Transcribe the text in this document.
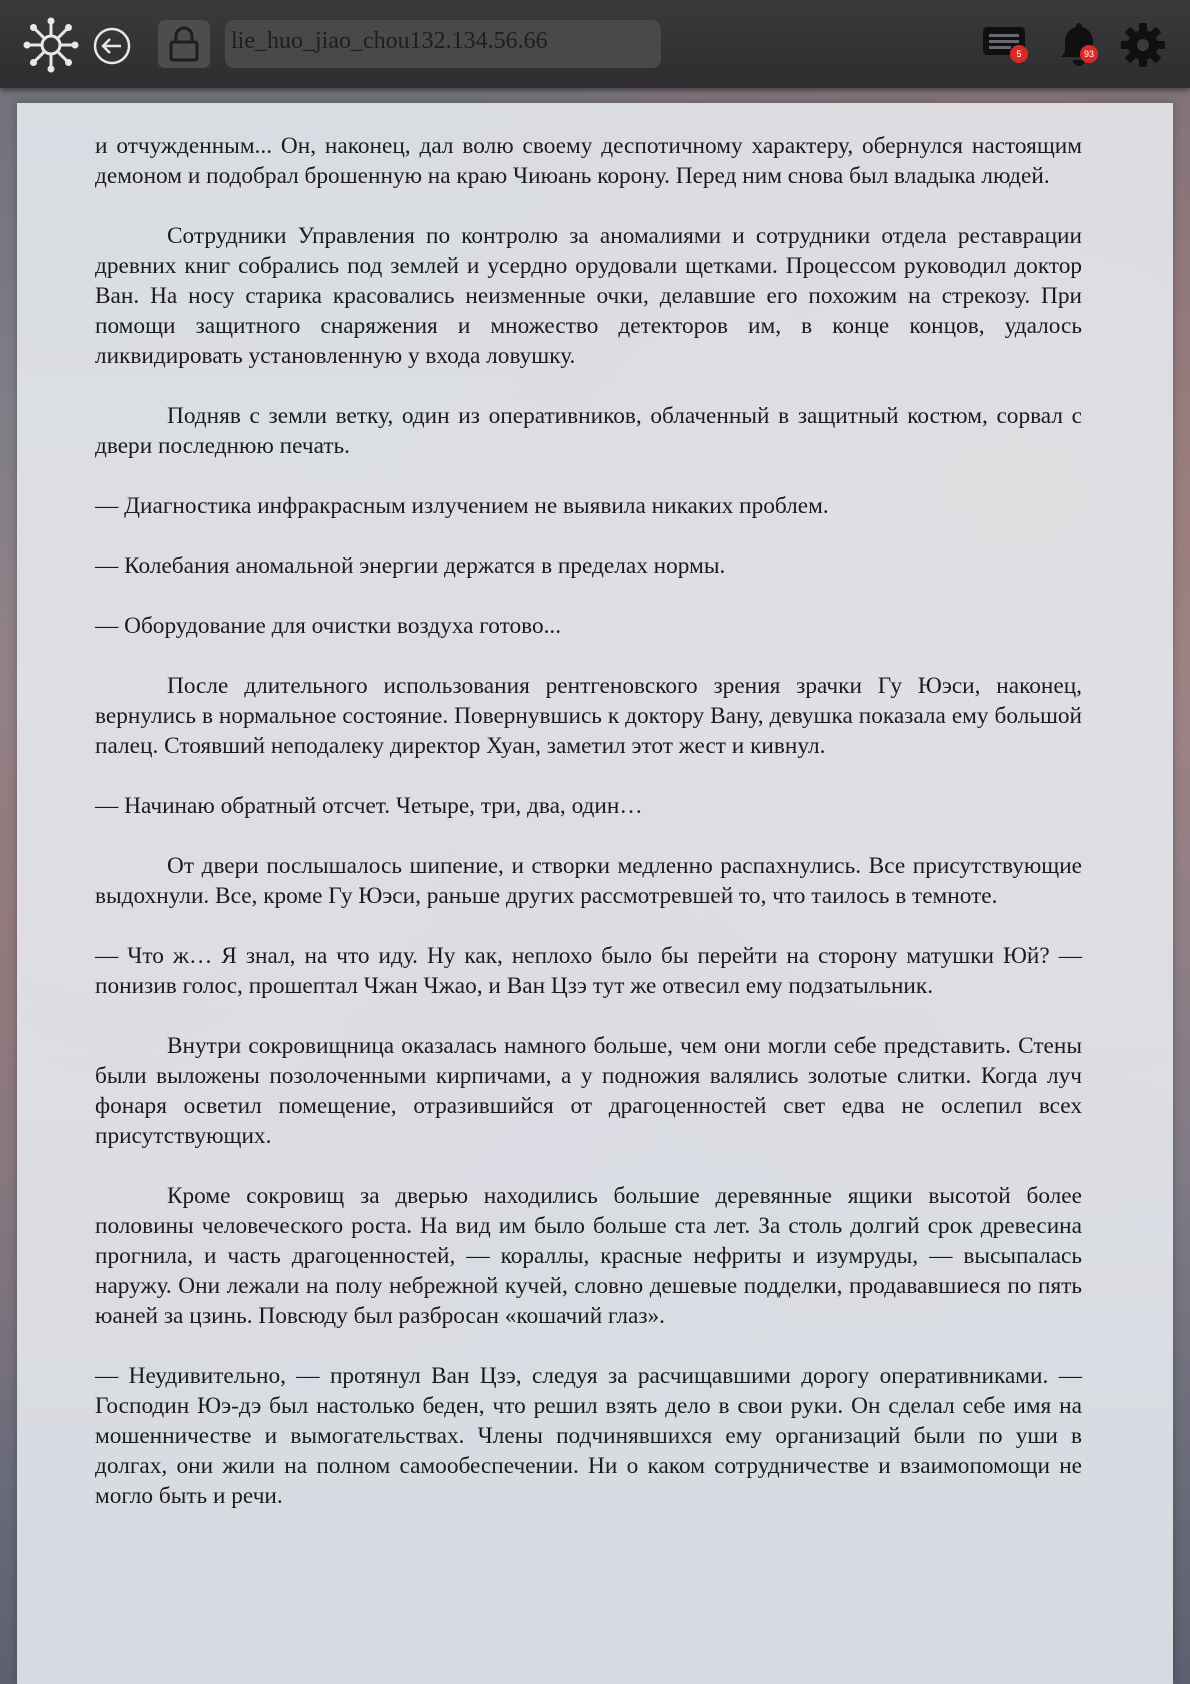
lie_huo_jiao_chou132.134.56.66	5	93

и отчужденным... Он, наконец, дал волю своему деспотичному характеру, обернулся настоящим демоном и подобрал брошенную на краю Чиюань корону. Перед ним снова был владыка людей.

Сотрудники Управления по контролю за аномалиями и сотрудники отдела реставрации древних книг собрались под землей и усердно орудовали щетками. Процессом руководил доктор Ван. На носу старика красовались неизменные очки, делавшие его похожим на стрекозу. При помощи защитного снаряжения и множество детекторов им, в конце концов, удалось ликвидировать установленную у входа ловушку.

Подняв с земли ветку, один из оперативников, облаченный в защитный костюм, сорвал с двери последнюю печать.

— Диагностика инфракрасным излучением не выявила никаких проблем.

— Колебания аномальной энергии держатся в пределах нормы.

— Оборудование для очистки воздуха готово...

После длительного использования рентгеновского зрения зрачки Гу Юэси, наконец, вернулись в нормальное состояние. Повернувшись к доктору Вану, девушка показала ему большой палец. Стоявший неподалеку директор Хуан, заметил этот жест и кивнул.

— Начинаю обратный отсчет. Четыре, три, два, один…

От двери послышалось шипение, и створки медленно распахнулись. Все присутствующие выдохнули. Все, кроме Гу Юэси, раньше других рассмотревшей то, что таилось в темноте.

— Что ж… Я знал, на что иду. Ну как, неплохо было бы перейти на сторону матушки Юй? — понизив голос, прошептал Чжан Чжао, и Ван Цзэ тут же отвесил ему подзатыльник.

Внутри сокровищница оказалась намного больше, чем они могли себе представить. Стены были выложены позолоченными кирпичами, а у подножия валялись золотые слитки. Когда луч фонаря осветил помещение, отразившийся от драгоценностей свет едва не ослепил всех присутствующих.

Кроме сокровищ за дверью находились большие деревянные ящики высотой более половины человеческого роста. На вид им было больше ста лет. За столь долгий срок древесина прогнила, и часть драгоценностей, — кораллы, красные нефриты и изумруды, — высыпалась наружу. Они лежали на полу небрежной кучей, словно дешевые подделки, продававшиеся по пять юаней за цзинь. Повсюду был разбросан «кошачий глаз».

— Неудивительно, — протянул Ван Цзэ, следуя за расчищавшими дорогу оперативниками. — Господин Юэ-дэ был настолько беден, что решил взять дело в свои руки. Он сделал себе имя на мошенничестве и вымогательствах. Члены подчинявшихся ему организаций были по уши в долгах, они жили на полном самообеспечении. Ни о каком сотрудничестве и взаимопомощи не могло быть и речи.
